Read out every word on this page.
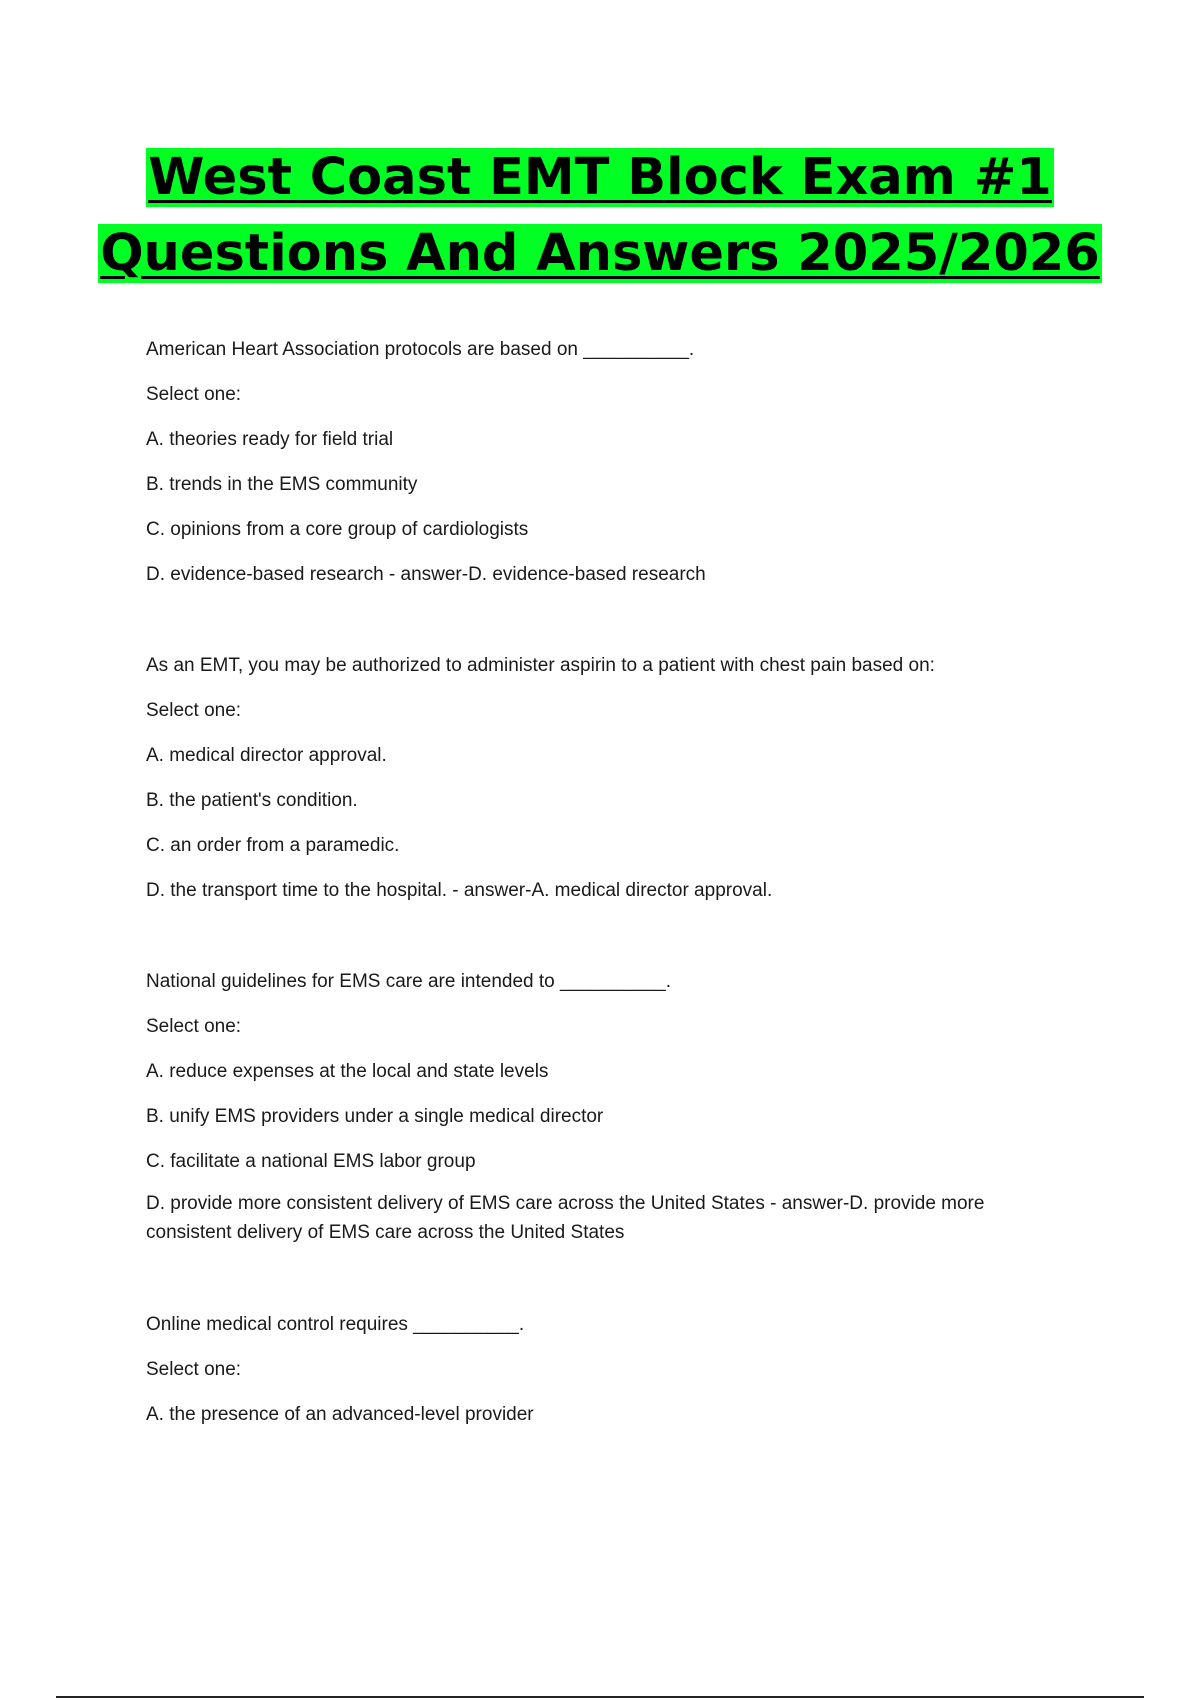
West Coast EMT Block Exam #1
Questions And Answers 2025/2026
American Heart Association protocols are based on __________.
Select one:
A. theories ready for field trial
B. trends in the EMS community
C. opinions from a core group of cardiologists
D. evidence-based research - answer-D. evidence-based research
As an EMT, you may be authorized to administer aspirin to a patient with chest pain based on:
Select one:
A. medical director approval.
B. the patient's condition.
C. an order from a paramedic.
D. the transport time to the hospital. - answer-A. medical director approval.
National guidelines for EMS care are intended to __________.
Select one:
A. reduce expenses at the local and state levels
B. unify EMS providers under a single medical director
C. facilitate a national EMS labor group
D. provide more consistent delivery of EMS care across the United States - answer-D. provide more consistent delivery of EMS care across the United States
Online medical control requires __________.
Select one:
A. the presence of an advanced-level provider
